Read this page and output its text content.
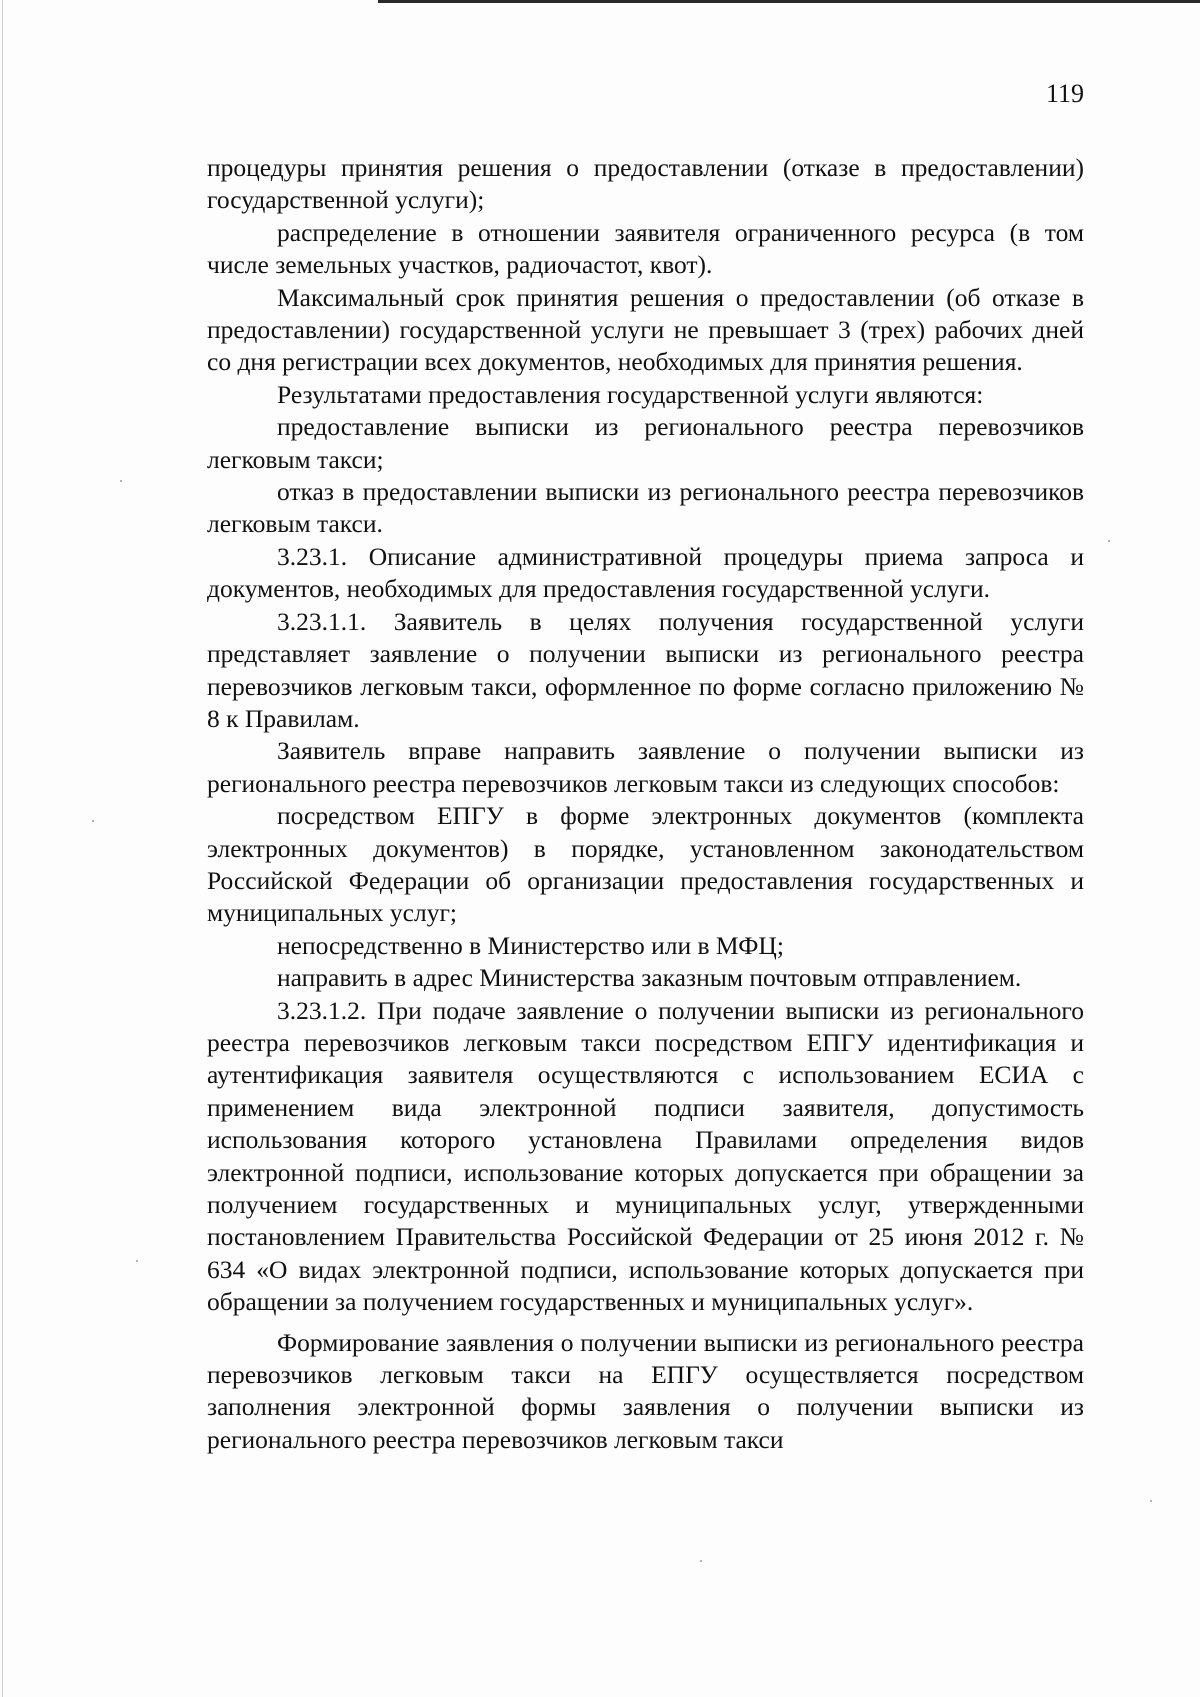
119

процедуры принятия решения о предоставлении (отказе в предоставлении) государственной услуги);

распределение в отношении заявителя ограниченного ресурса (в том числе земельных участков, радиочастот, квот).

Максимальный срок принятия решения о предоставлении (об отказе в предоставлении) государственной услуги не превышает 3 (трех) рабочих дней со дня регистрации всех документов, необходимых для принятия решения.

Результатами предоставления государственной услуги являются:

предоставление выписки из регионального реестра перевозчиков легковым такси;

отказ в предоставлении выписки из регионального реестра перевозчиков легковым такси.

3.23.1. Описание административной процедуры приема запроса и документов, необходимых для предоставления государственной услуги.

3.23.1.1. Заявитель в целях получения государственной услуги представляет заявление о получении выписки из регионального реестра перевозчиков легковым такси, оформленное по форме согласно приложению № 8 к Правилам.

Заявитель вправе направить заявление о получении выписки из регионального реестра перевозчиков легковым такси из следующих способов:

посредством ЕПГУ в форме электронных документов (комплекта электронных документов) в порядке, установленном законодательством Российской Федерации об организации предоставления государственных и муниципальных услуг;

непосредственно в Министерство или в МФЦ;

направить в адрес Министерства заказным почтовым отправлением.

3.23.1.2. При подаче заявление о получении выписки из регионального реестра перевозчиков легковым такси посредством ЕПГУ идентификация и аутентификация заявителя осуществляются с использованием ЕСИА с применением вида электронной подписи заявителя, допустимость использования которого установлена Правилами определения видов электронной подписи, использование которых допускается при обращении за получением государственных и муниципальных услуг, утвержденными постановлением Правительства Российской Федерации от 25 июня 2012 г. № 634 «О видах электронной подписи, использование которых допускается при обращении за получением государственных и муниципальных услуг».

Формирование заявления о получении выписки из регионального реестра перевозчиков легковым такси на ЕПГУ осуществляется посредством заполнения электронной формы заявления о получении выписки из регионального реестра перевозчиков легковым такси
